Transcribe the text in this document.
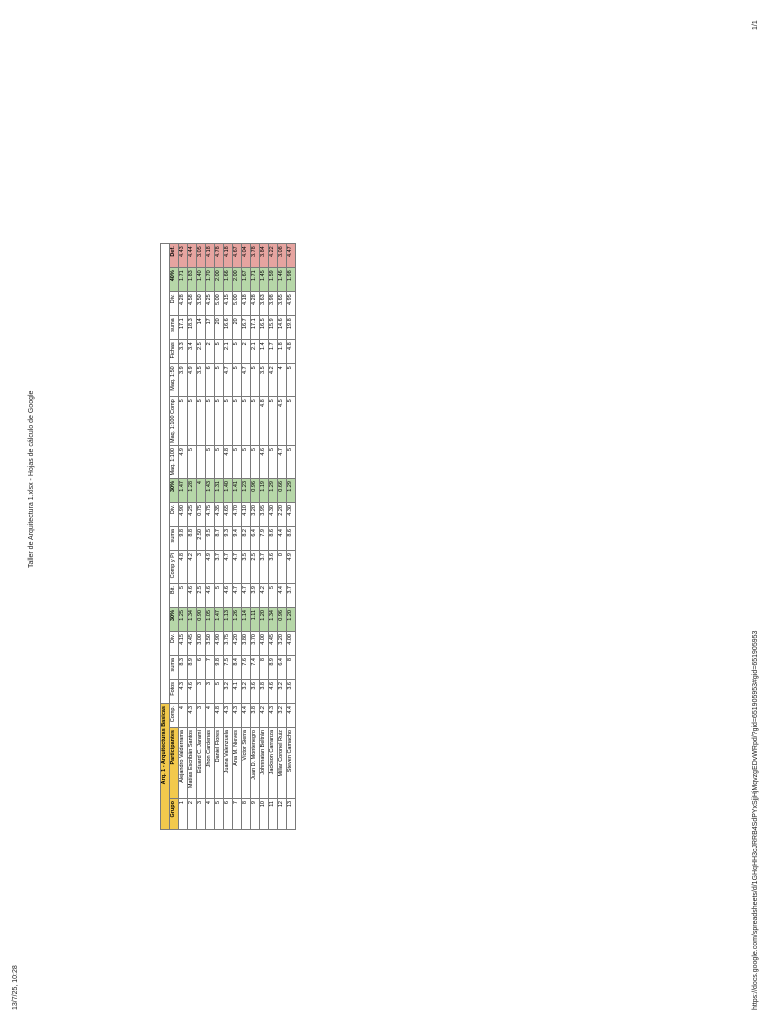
13/7/25, 10:28
Taller de Arquitectura 1.xlsx - Hojas de cálculo de Google
https://docs.google.com/spreadsheets/d/1GHqHH3cJRRB4SdPYxSjjHjMqvzgEDvWRpd/?gid=651905953#gid=651905953
1/1
Arq. 1 - Arquitecturas Basicas																			
Grupo	Participantes	Comp.	Fotos	suma	Div.	30%	Bit.	Comp y Pi	suma	Div.	30%	Maq. 1:100	Maq. 1:100 Comp	Maq. 1:50	Fichas	suma	Div.	40%	Def.
1	Alejandro Valderrama	4	4.3	8.3	4.15	1.25	5	4.8	9.8	4.90	1.47	4.9	5	3.9	3.3	17.1	4.28	1.71	4.43
2	Matías Escribán Santos	4.3	4.6	8.9	4.45	1.34	4.6	4.2	8.8	4.25	1.28	5	5	4.9	3.4	18.3	4.58	1.83	4.44
3	Eduard C. Jaramí	3	3	6	3.00	0.90	2.5	3	2.50	0.75	4		5	3.5	2.5	14	3.50	1.40	3.05
4	Jhon Cardenas	4	3	7	3.50	1.05	4.6	4.9	9.5	4.75	1.43	5	5	6	2	17	4.25	1.70	4.18
5	Daniel Flores	4.8	5	9.8	4.90	1.47	5	3.7	8.7	4.35	1.31	5	5	5	5	20	5.00	2.00	4.78
6	Juana Valenzuela	4.3	3.2	7.5	3.75	1.13	4.6	4.7	9.3	4.65	1.40	4.8	5	4.7	2.1	16.6	4.15	1.66	4.18
7	Ana M. Nieves	4.3	4.1	8.4	4.20	1.26	4.7	4.7	9.4	4.70	1.41	5	5	5	5	20	5.00	2.00	4.67
8	Víctor Sierra	4.4	3.2	7.6	3.80	1.14	4.7	3.5	8.2	4.10	1.23	5	5	4.7	2	16.7	4.18	1.67	4.04
9	Juan D. Montenegro	3.8	3.6	7.4	3.70	1.11	3.9	2.5	6.4	3.20	0.96	5	5	5	2.1	17.1	4.28	1.71	3.78
10	Johnnatan Beltrán	4.2	3.8	8	4.00	1.20	4.2	3.7	7.9	3.95	1.19	4.6	4.8	3.5	1.4	16.5	3.63	1.45	3.84
11	Jackson Carranza	4.3	4.6	8.9	4.45	1.34	5	3.6	8.6	4.30	1.29	5	5	4.2	1.7	15.9	3.98	1.59	4.22
12	Millar Coronel Ruiz	3.2	3.2	6.4	3.20	0.96	4.4	0	4.4	2.20	0.66	4.7	4.5	4	1.8	14.6	3.65	1.46	3.08
13	Steven Camacho	4.4	3.6	8	4.00	1.20	3.7	4.9	8.6	4.30	1.29	5	5	5	4.8	19.8	4.95	1.98	4.47
